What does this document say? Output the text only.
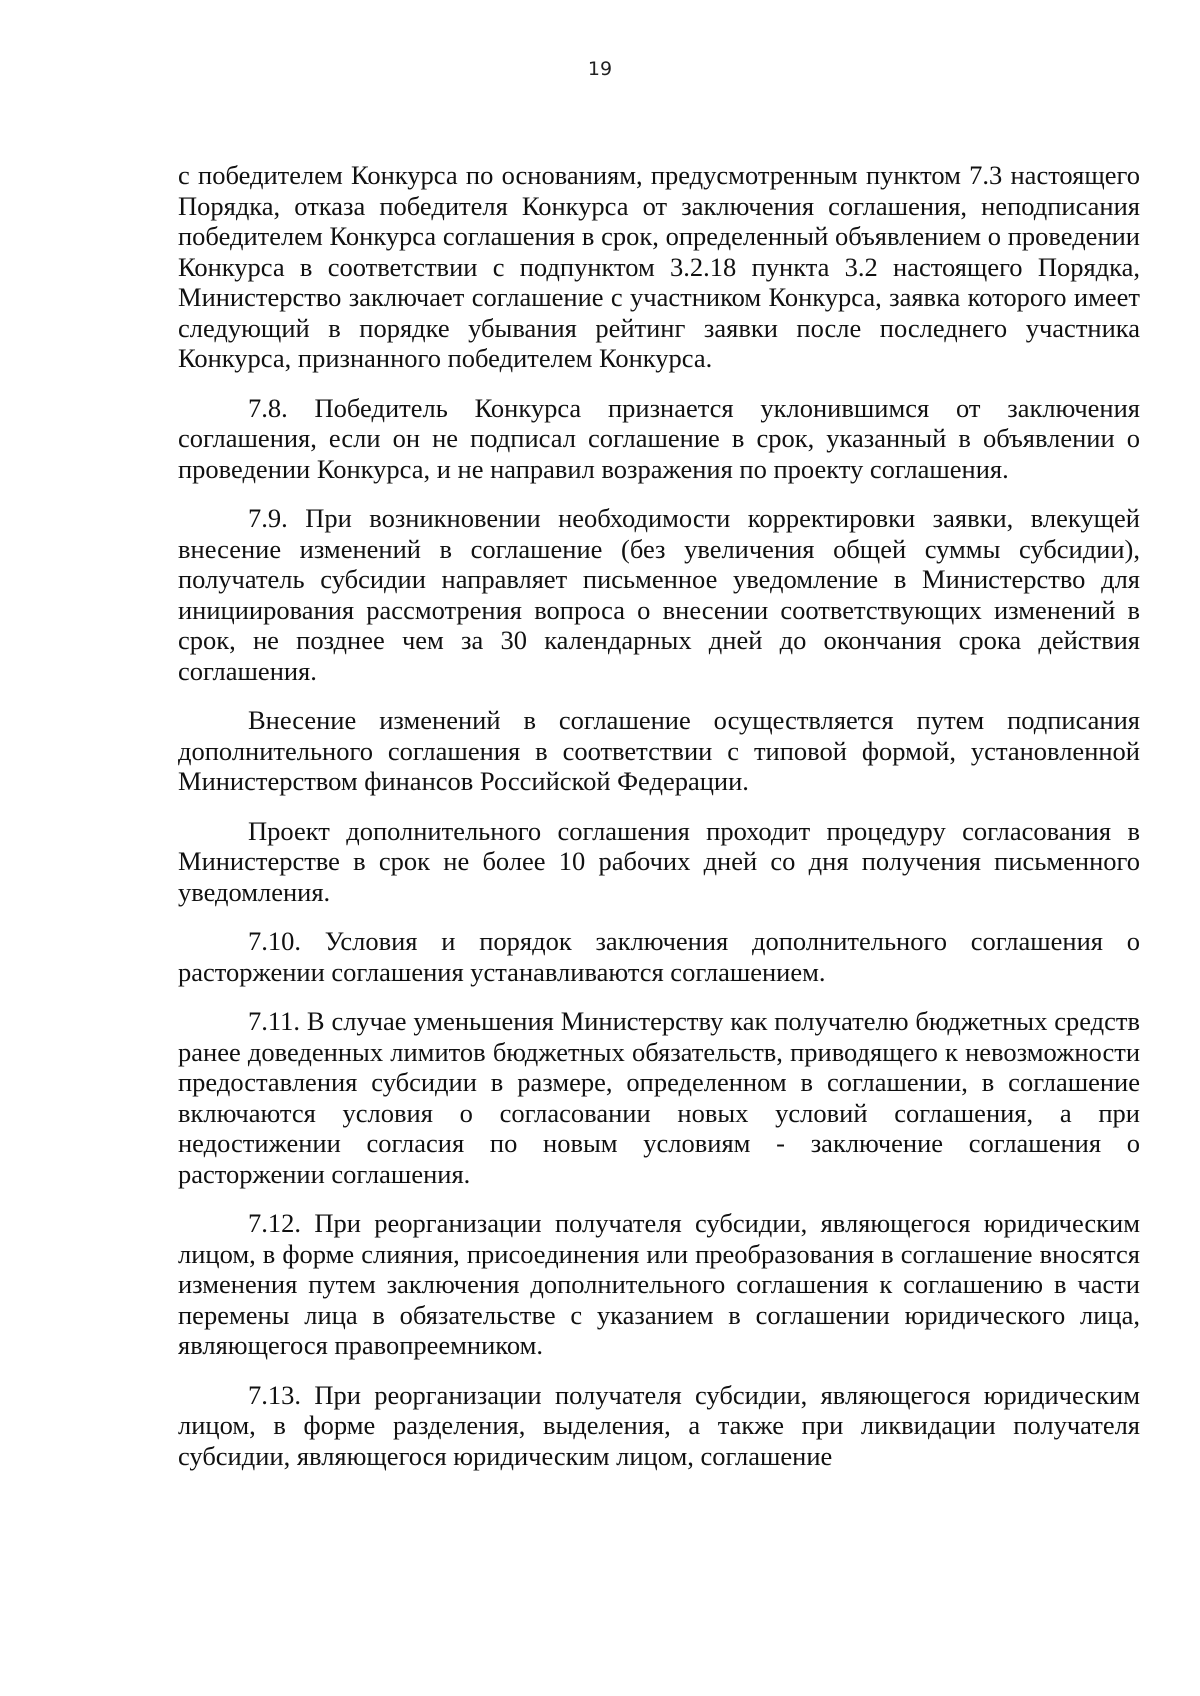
19

с победителем Конкурса по основаниям, предусмотренным пунктом 7.3 настоящего Порядка, отказа победителя Конкурса от заключения соглашения, неподписания победителем Конкурса соглашения в срок, определенный объявлением о проведении Конкурса в соответствии с подпунктом 3.2.18 пункта 3.2 настоящего Порядка, Министерство заключает соглашение с участником Конкурса, заявка которого имеет следующий в порядке убывания рейтинг заявки после последнего участника Конкурса, признанного победителем Конкурса.

7.8. Победитель Конкурса признается уклонившимся от заключения соглашения, если он не подписал соглашение в срок, указанный в объявлении о проведении Конкурса, и не направил возражения по проекту соглашения.

7.9. При возникновении необходимости корректировки заявки, влекущей внесение изменений в соглашение (без увеличения общей суммы субсидии), получатель субсидии направляет письменное уведомление в Министерство для инициирования рассмотрения вопроса о внесении соответствующих изменений в срок, не позднее чем за 30 календарных дней до окончания срока действия соглашения.

Внесение изменений в соглашение осуществляется путем подписания дополнительного соглашения в соответствии с типовой формой, установленной Министерством финансов Российской Федерации.

Проект дополнительного соглашения проходит процедуру согласования в Министерстве в срок не более 10 рабочих дней со дня получения письменного уведомления.

7.10. Условия и порядок заключения дополнительного соглашения о расторжении соглашения устанавливаются соглашением.

7.11. В случае уменьшения Министерству как получателю бюджетных средств ранее доведенных лимитов бюджетных обязательств, приводящего к невозможности предоставления субсидии в размере, определенном в соглашении, в соглашение включаются условия о согласовании новых условий соглашения, а при недостижении согласия по новым условиям - заключение соглашения о расторжении соглашения.

7.12. При реорганизации получателя субсидии, являющегося юридическим лицом, в форме слияния, присоединения или преобразования в соглашение вносятся изменения путем заключения дополнительного соглашения к соглашению в части перемены лица в обязательстве с указанием в соглашении юридического лица, являющегося правопреемником.

7.13. При реорганизации получателя субсидии, являющегося юридическим лицом, в форме разделения, выделения, а также при ликвидации получателя субсидии, являющегося юридическим лицом, соглашение
